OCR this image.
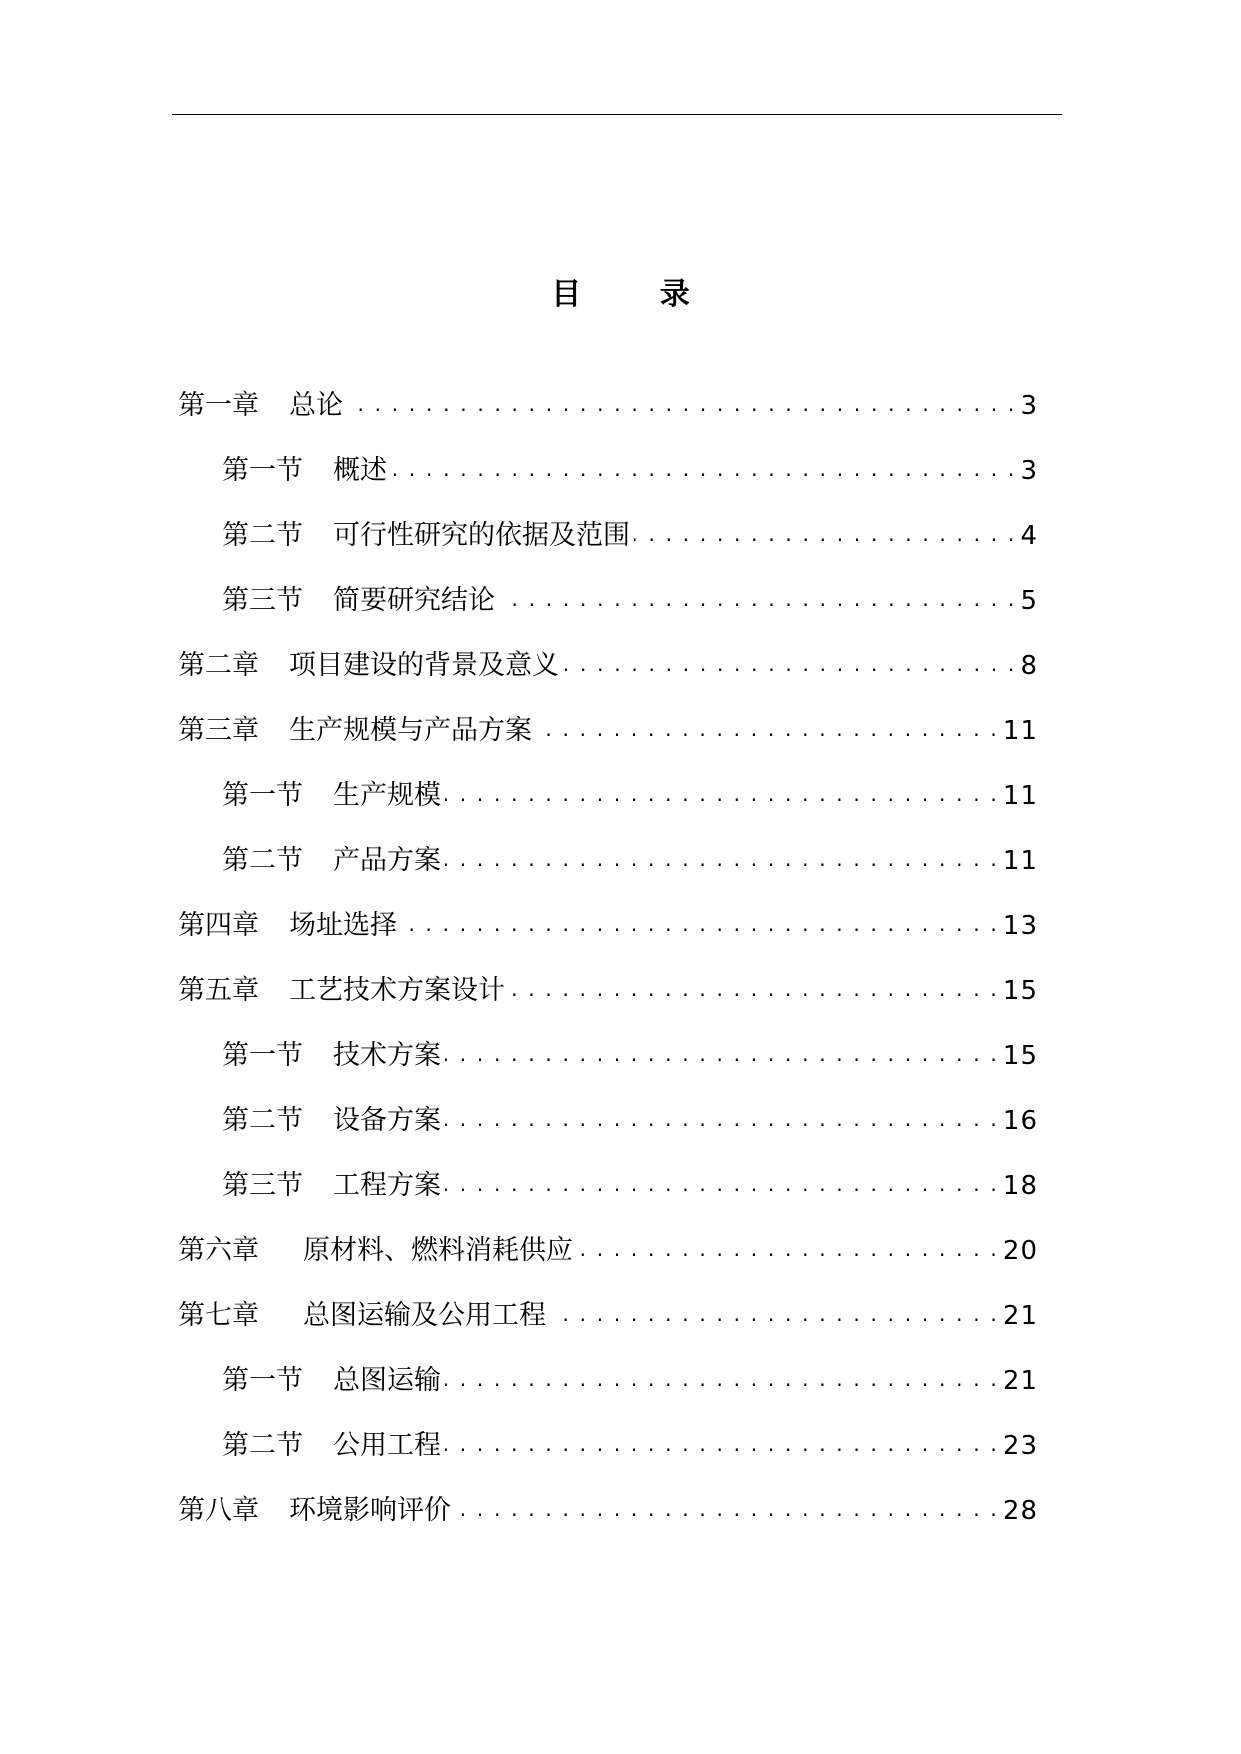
目 录
第一章 总论 . . .	3
第一节 概述 . . .	3
第二节 可行性研究的依据及范围 . . .	4
第三节 简要研究结论 . . .	5
第二章 项目建设的背景及意义 . . .	8
第三章 生产规模与产品方案 . . .	11
第一节 生产规模 . . .	11
第二节 产品方案 . . .	11
第四章 场址选择 . . .	13
第五章 工艺技术方案设计 . . .	15
第一节 技术方案 . . .	15
第二节 设备方案 . . .	16
第三节 工程方案 . . .	18
第六章 原材料、燃料消耗供应 . . .	20
第七章 总图运输及公用工程 . . .	21
第一节 总图运输 . . .	21
第二节 公用工程 . . .	23
第八章 环境影响评价 . . .	28
